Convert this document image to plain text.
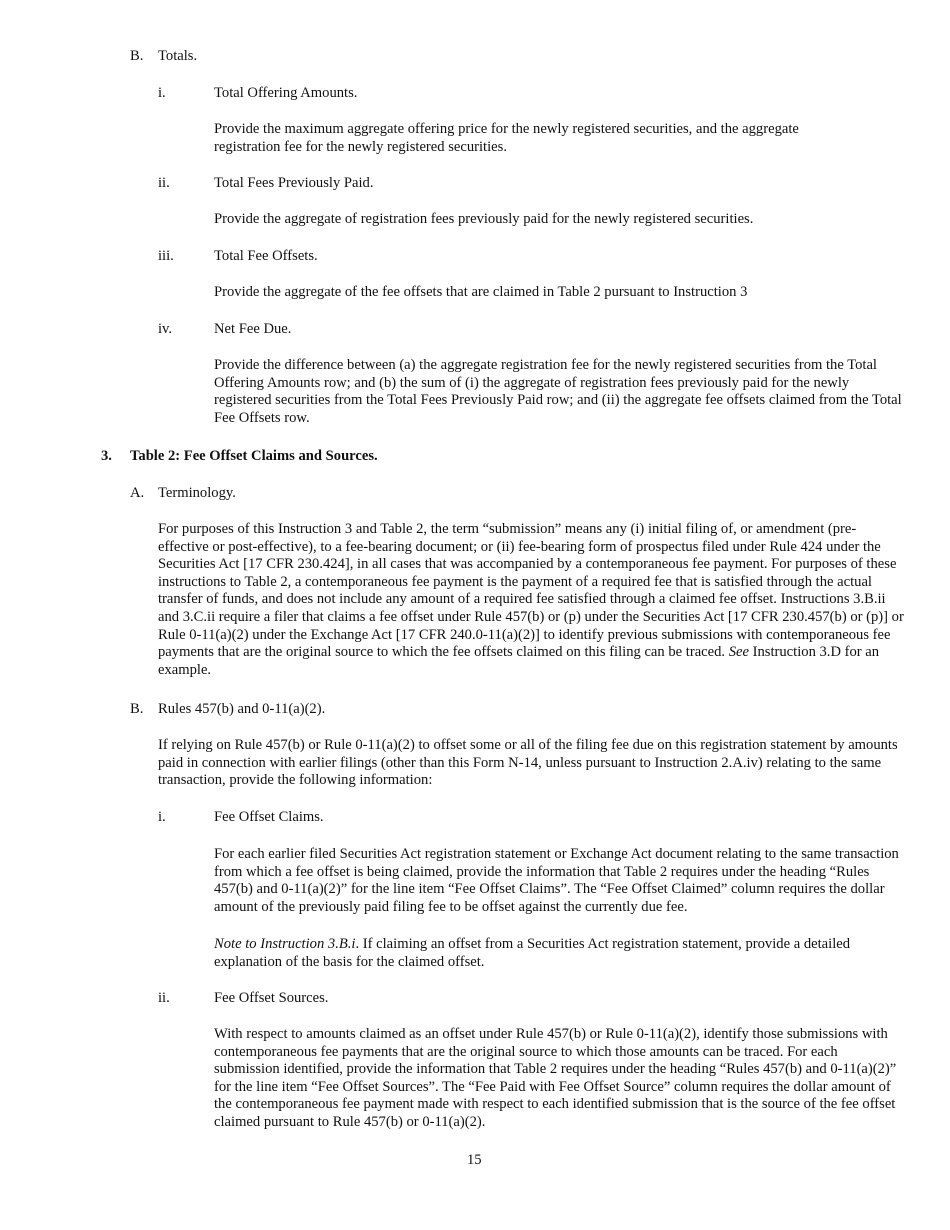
B. Totals.
i.	Total Offering Amounts.
Provide the maximum aggregate offering price for the newly registered securities, and the aggregate registration fee for the newly registered securities.
ii.	Total Fees Previously Paid.
Provide the aggregate of registration fees previously paid for the newly registered securities.
iii.	Total Fee Offsets.
Provide the aggregate of the fee offsets that are claimed in Table 2 pursuant to Instruction 3
iv.	Net Fee Due.
Provide the difference between (a) the aggregate registration fee for the newly registered securities from the Total Offering Amounts row; and (b) the sum of (i) the aggregate of registration fees previously paid for the newly registered securities from the Total Fees Previously Paid row; and (ii) the aggregate fee offsets claimed from the Total Fee Offsets row.
3. Table 2: Fee Offset Claims and Sources.
A. Terminology.
For purposes of this Instruction 3 and Table 2, the term “submission” means any (i) initial filing of, or amendment (pre-effective or post-effective), to a fee-bearing document; or (ii) fee-bearing form of prospectus filed under Rule 424 under the Securities Act [17 CFR 230.424], in all cases that was accompanied by a contemporaneous fee payment. For purposes of these instructions to Table 2, a contemporaneous fee payment is the payment of a required fee that is satisfied through the actual transfer of funds, and does not include any amount of a required fee satisfied through a claimed fee offset. Instructions 3.B.ii and 3.C.ii require a filer that claims a fee offset under Rule 457(b) or (p) under the Securities Act [17 CFR 230.457(b) or (p)] or Rule 0-11(a)(2) under the Exchange Act [17 CFR 240.0-11(a)(2)] to identify previous submissions with contemporaneous fee payments that are the original source to which the fee offsets claimed on this filing can be traced. See Instruction 3.D for an example.
B. Rules 457(b) and 0-11(a)(2).
If relying on Rule 457(b) or Rule 0-11(a)(2) to offset some or all of the filing fee due on this registration statement by amounts paid in connection with earlier filings (other than this Form N-14, unless pursuant to Instruction 2.A.iv) relating to the same transaction, provide the following information:
i.	Fee Offset Claims.
For each earlier filed Securities Act registration statement or Exchange Act document relating to the same transaction from which a fee offset is being claimed, provide the information that Table 2 requires under the heading “Rules 457(b) and 0-11(a)(2)” for the line item “Fee Offset Claims”. The “Fee Offset Claimed” column requires the dollar amount of the previously paid filing fee to be offset against the currently due fee.
Note to Instruction 3.B.i. If claiming an offset from a Securities Act registration statement, provide a detailed explanation of the basis for the claimed offset.
ii.	Fee Offset Sources.
With respect to amounts claimed as an offset under Rule 457(b) or Rule 0-11(a)(2), identify those submissions with contemporaneous fee payments that are the original source to which those amounts can be traced. For each submission identified, provide the information that Table 2 requires under the heading “Rules 457(b) and 0-11(a)(2)” for the line item “Fee Offset Sources”. The “Fee Paid with Fee Offset Source” column requires the dollar amount of the contemporaneous fee payment made with respect to each identified submission that is the source of the fee offset claimed pursuant to Rule 457(b) or 0-11(a)(2).
15
